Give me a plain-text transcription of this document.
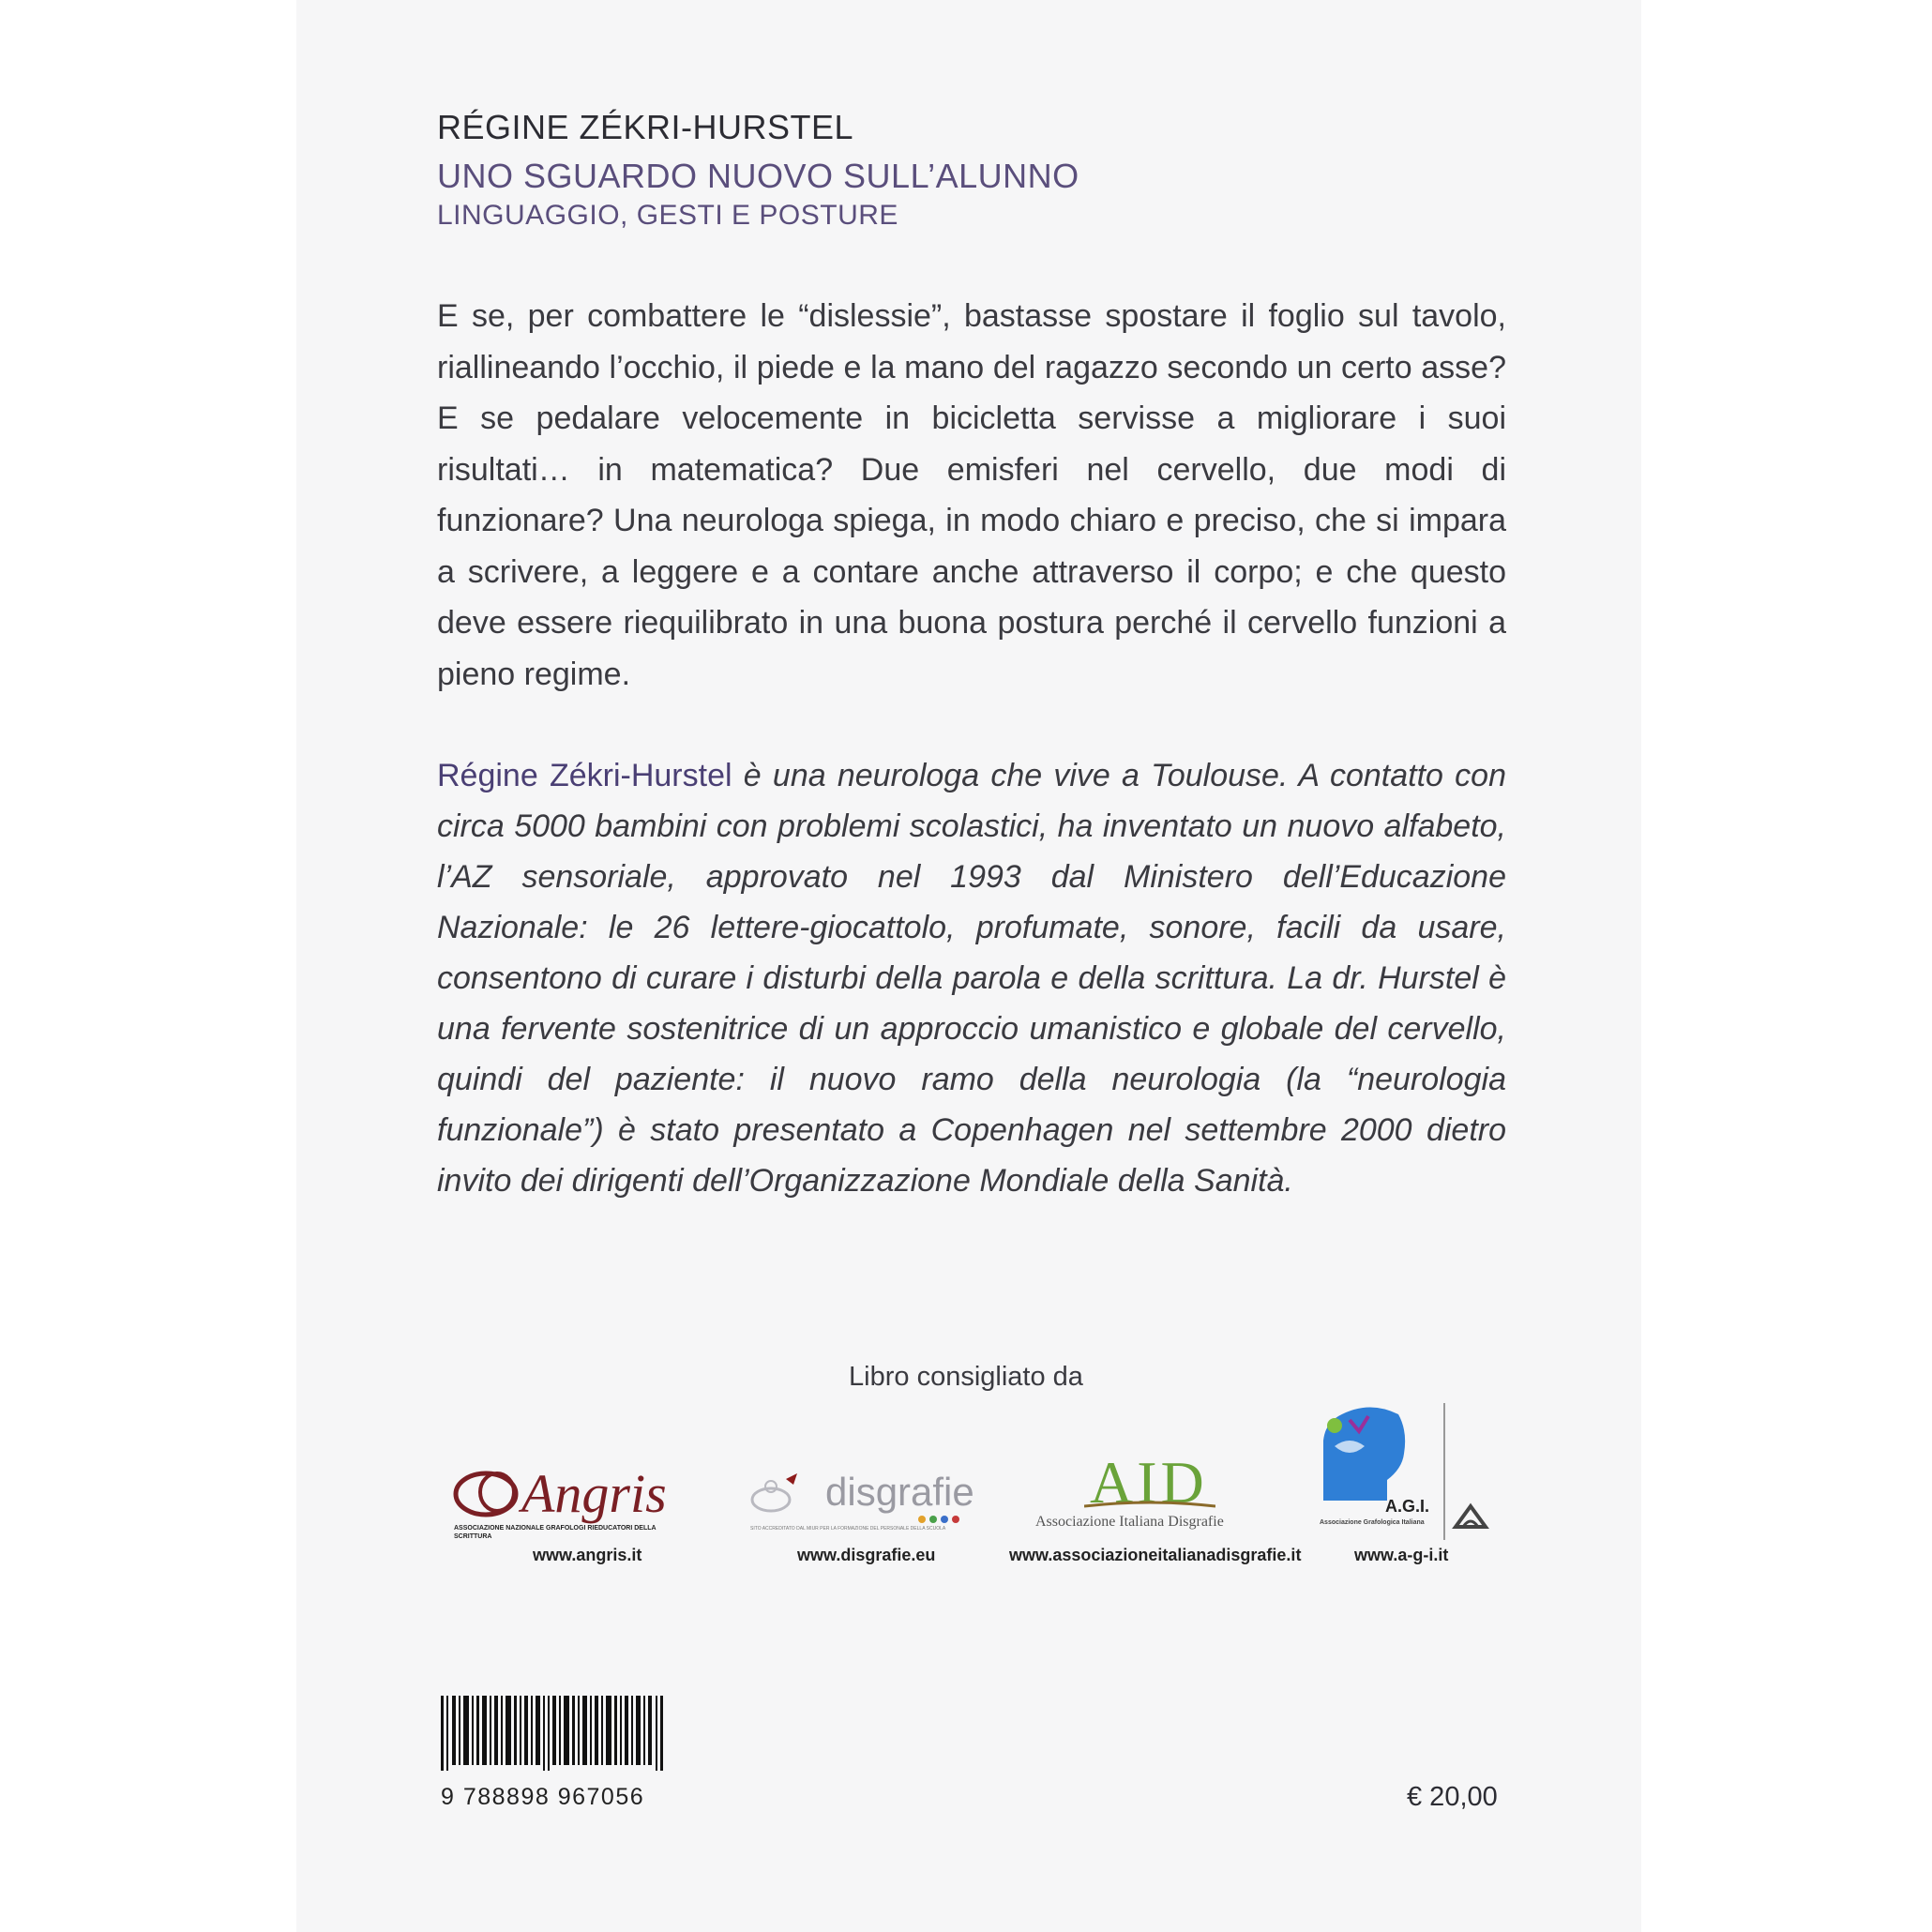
RÉGINE ZÉKRI-HURSTEL
UNO SGUARDO NUOVO SULL’ALUNNO
LINGUAGGIO, GESTI E POSTURE

E se, per combattere le “dislessie”, bastasse spostare il foglio sul tavolo, riallineando l’occhio, il piede e la mano del ragazzo secondo un certo asse? E se pedalare velocemente in bicicletta servisse a migliorare i suoi risultati… in matematica? Due emisferi nel cervello, due modi di funzionare? Una neurologa spiega, in modo chiaro e preciso, che si impara a scrivere, a leggere e a contare anche attraverso il corpo; e che questo deve essere riequilibrato in una buona postura perché il cervello funzioni a pieno regime.

Régine Zékri-Hurstel è una neurologa che vive a Toulouse. A contatto con circa 5000 bambini con problemi scolastici, ha inventato un nuovo alfabeto, l’AZ sensoriale, approvato nel 1993 dal Ministero dell’Educazione Nazionale: le 26 lettere-giocattolo, profumate, sonore, facili da usare, consentono di curare i disturbi della parola e della scrittura. La dr. Hurstel è una fervente sostenitrice di un approccio umanistico e globale del cervello, quindi del paziente: il nuovo ramo della neurologia (la “neurologia funzionale”) è stato presentato a Copenhagen nel settembre 2000 dietro invito dei dirigenti dell’Organizzazione Mondiale della Sanità.

Libro consigliato da
Angris
ASSOCIAZIONE NAZIONALE GRAFOLOGI RIEDUCATORI DELLA SCRITTURA
www.angris.it
disgrafie
SITO ACCREDITATO DAL MIUR PER LA FORMAZIONE DEL PERSONALE DELLA SCUOLA
www.disgrafie.eu
AID
Associazione Italiana Disgrafie
www.associazioneitalianadisgrafie.it
A.G.I.
Associazione Grafologica Italiana
www.a-g-i.it
9 788898 967056	€ 20,00
